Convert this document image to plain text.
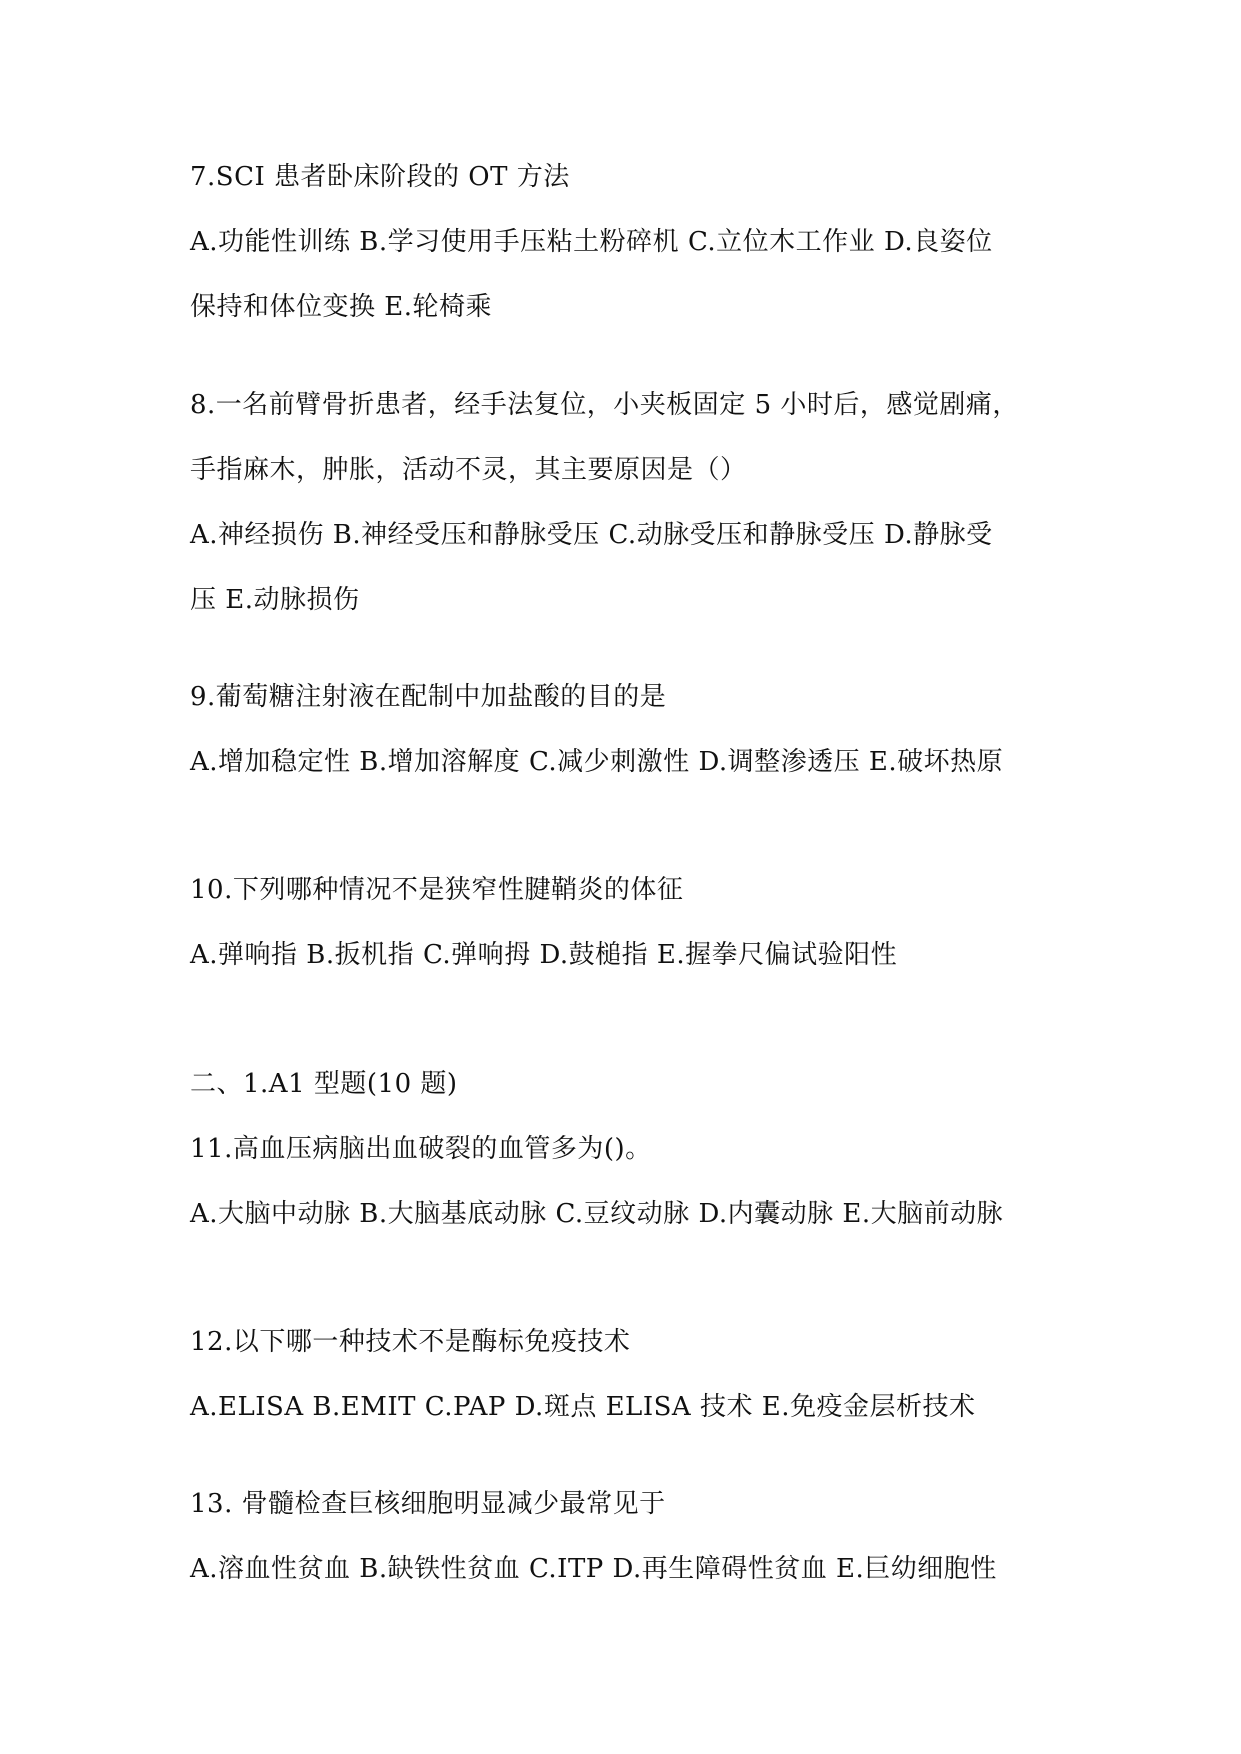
7.SCI 患者卧床阶段的 OT 方法
A.功能性训练 B.学习使用手压粘土粉碎机 C.立位木工作业 D.良姿位
保持和体位变换 E.轮椅乘
8.一名前臂骨折患者，经手法复位，小夹板固定 5 小时后，感觉剧痛，
手指麻木，肿胀，活动不灵，其主要原因是（）
A.神经损伤 B.神经受压和静脉受压 C.动脉受压和静脉受压 D.静脉受
压 E.动脉损伤
9.葡萄糖注射液在配制中加盐酸的目的是
A.增加稳定性 B.增加溶解度 C.减少刺激性 D.调整渗透压 E.破坏热原
10.下列哪种情况不是狭窄性腱鞘炎的体征
A.弹响指 B.扳机指 C.弹响拇 D.鼓槌指 E.握拳尺偏试验阳性
二、1.A1 型题(10 题)
11.高血压病脑出血破裂的血管多为()。
A.大脑中动脉 B.大脑基底动脉 C.豆纹动脉 D.内囊动脉 E.大脑前动脉
12.以下哪一种技术不是酶标免疫技术
A.ELISA B.EMIT C.PAP D.斑点 ELISA 技术 E.免疫金层析技术
13. 骨髓检查巨核细胞明显减少最常见于
A.溶血性贫血 B.缺铁性贫血 C.ITP D.再生障碍性贫血 E.巨幼细胞性
